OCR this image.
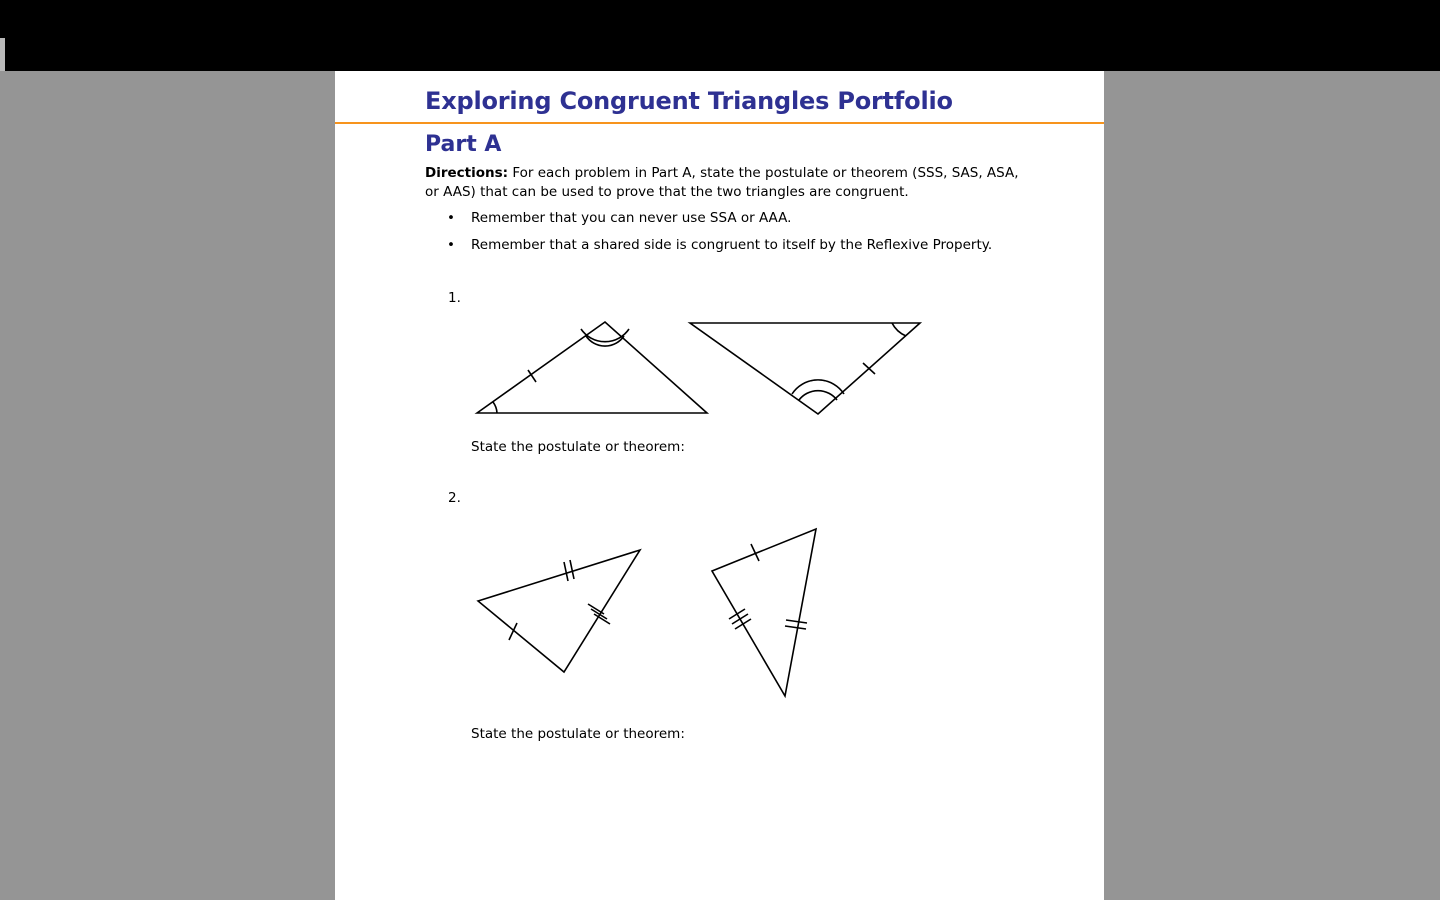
Exploring Congruent Triangles Portfolio
Part A

Directions: For each problem in Part A, state the postulate or theorem (SSS, SAS, ASA, or AAS) that can be used to prove that the two triangles are congruent.

• Remember that you can never use SSA or AAA.
• Remember that a shared side is congruent to itself by the Reflexive Property.
1.
State the postulate or theorem:
2.
State the postulate or theorem:
